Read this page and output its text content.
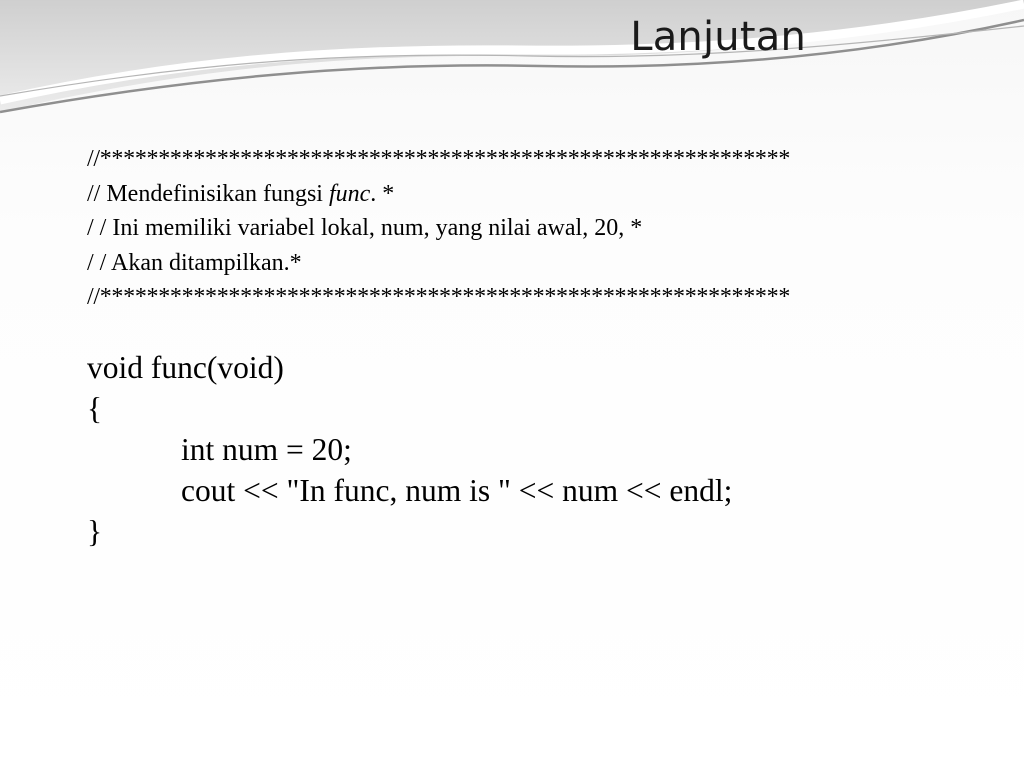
Lanjutan
//***********************************************************
// Mendefinisikan fungsi func. *
/ / Ini memiliki variabel lokal, num, yang nilai awal, 20, *
/ / Akan ditampilkan.*
//***********************************************************
void func(void)
{
int num = 20;
cout << "In func, num is " << num << endl;
}
